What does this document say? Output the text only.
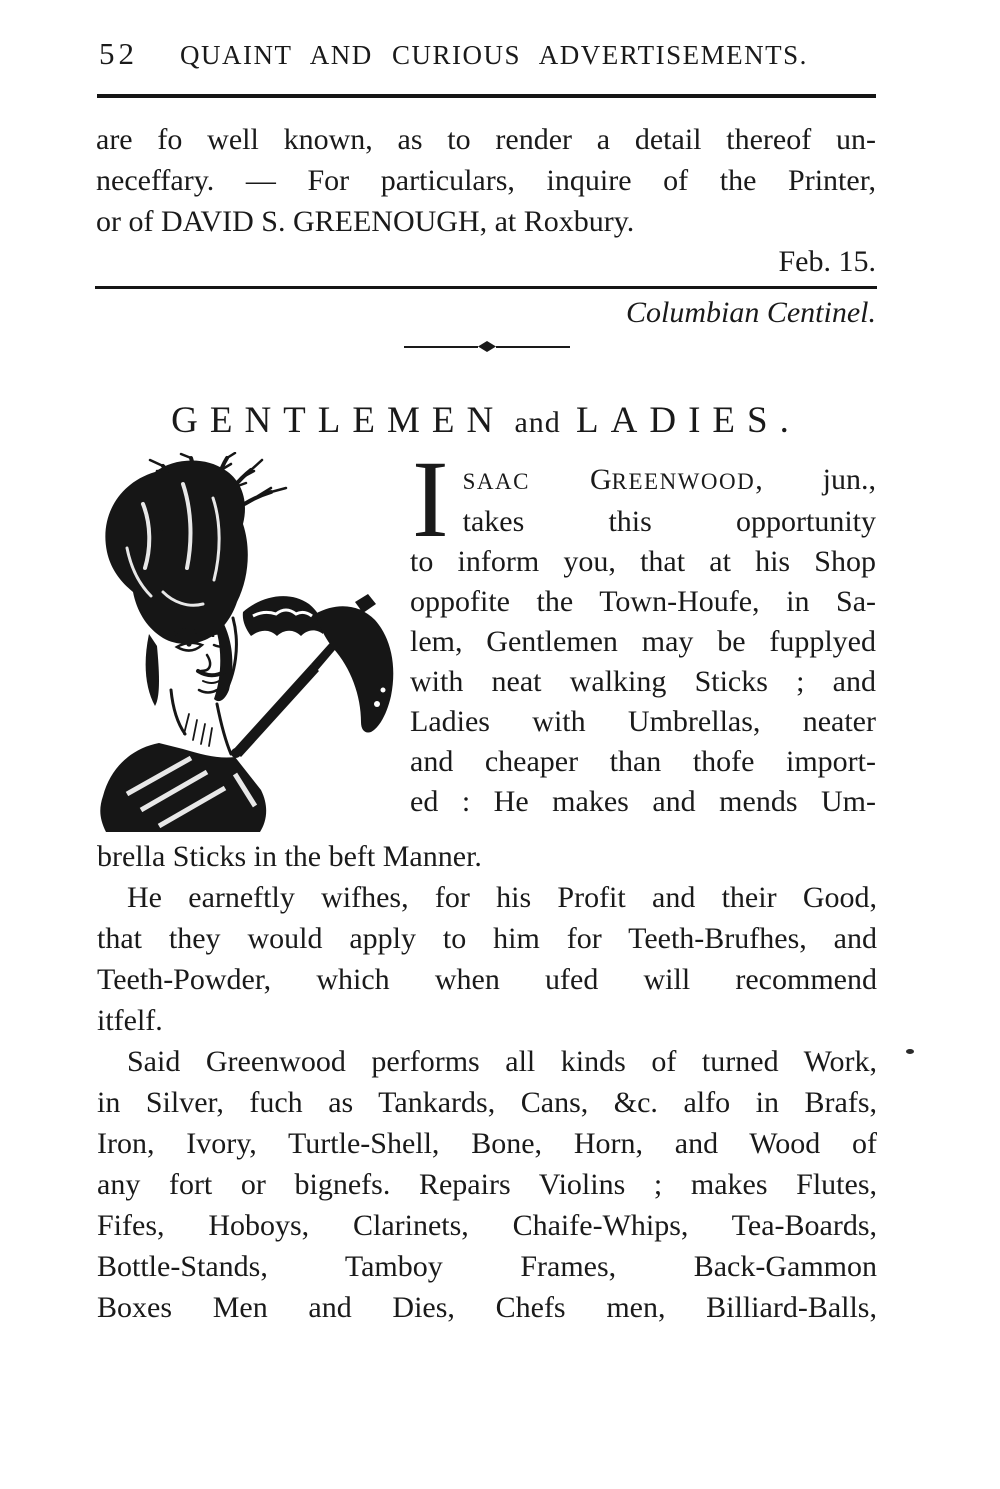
52 QUAINT AND CURIOUS ADVERTISEMENTS.
are fo well known, as to render a detail thereof un-
neceffary. — For particulars, inquire of the Printer,
or of DAVID S. GREENOUGH, at Roxbury.
Feb. 15.
Columbian Centinel.
GENTLEMEN and LADIES.
I SAAC GREENWOOD, jun.,
takes this opportunity
to inform you, that at his Shop
oppofite the Town-Houfe, in Sa-
lem, Gentlemen may be fupplyed
with neat walking Sticks ; and
Ladies with Umbrellas, neater
and cheaper than thofe import-
ed : He makes and mends Um-
brella Sticks in the beft Manner.
He earneftly wifhes, for his Profit and their Good,
that they would apply to him for Teeth-Brufhes, and
Teeth-Powder, which when ufed will recommend
itfelf.
Said Greenwood performs all kinds of turned Work,
in Silver, fuch as Tankards, Cans, &c. alfo in Brafs,
Iron, Ivory, Turtle-Shell, Bone, Horn, and Wood of
any fort or bignefs. Repairs Violins ; makes Flutes,
Fifes, Hoboys, Clarinets, Chaife-Whips, Tea-Boards,
Bottle-Stands, Tamboy Frames, Back-Gammon
Boxes Men and Dies, Chefs men, Billiard-Balls,
